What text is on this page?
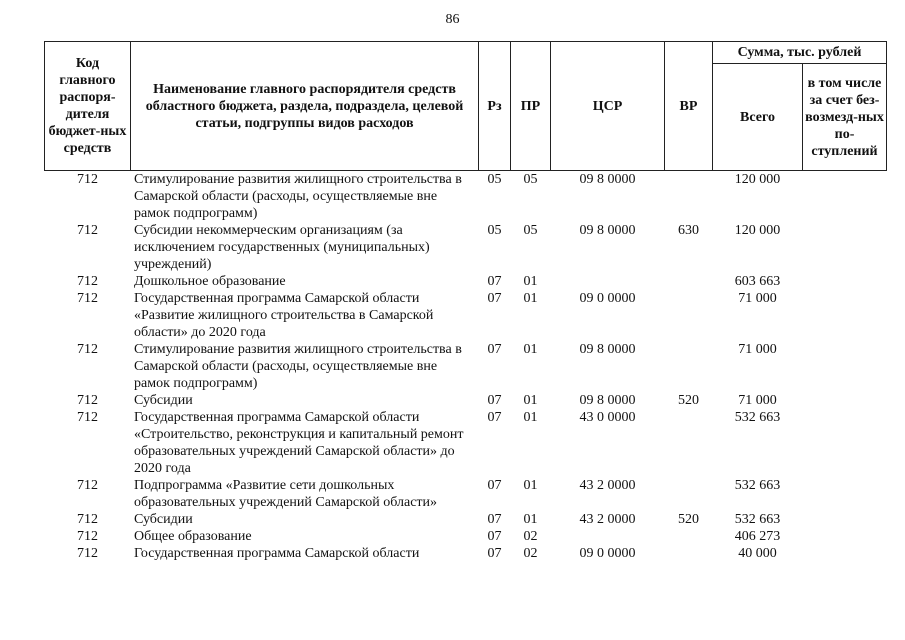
86
Код главного распоря-дителя бюджет-ных средств	Наименование главного распорядителя средств областного бюджета, раздела, подраздела, целевой статьи, подгруппы видов расходов	Рз	ПР	ЦСР	ВР	Сумма, тыс. рублей	
						Всего	в том числе за счет без-возмезд-ных по-ступлений
712	Стимулирование развития жилищного строительства в Самарской области (расходы, осуществляемые вне рамок подпрограмм)	05	05	09 8 0000		120 000	
712	Субсидии некоммерческим организациям (за исключением государственных (муниципальных) учреждений)	05	05	09 8 0000	630	120 000	
712	Дошкольное образование	07	01			603 663	
712	Государственная программа Самарской области «Развитие жилищного строительства в Самарской области» до 2020 года	07	01	09 0 0000		71 000	
712	Стимулирование развития жилищного строительства в Самарской области (расходы, осуществляемые вне рамок подпрограмм)	07	01	09 8 0000		71 000	
712	Субсидии	07	01	09 8 0000	520	71 000	
712	Государственная программа Самарской области «Строительство, реконструкция и капитальный ремонт образовательных учреждений Самарской области» до 2020 года	07	01	43 0 0000		532 663	
712	Подпрограмма «Развитие сети дошкольных образовательных учреждений Самарской области»	07	01	43 2 0000		532 663	
712	Субсидии	07	01	43 2 0000	520	532 663	
712	Общее образование	07	02			406 273	
712	Государственная программа Самарской области	07	02	09 0 0000		40 000	
